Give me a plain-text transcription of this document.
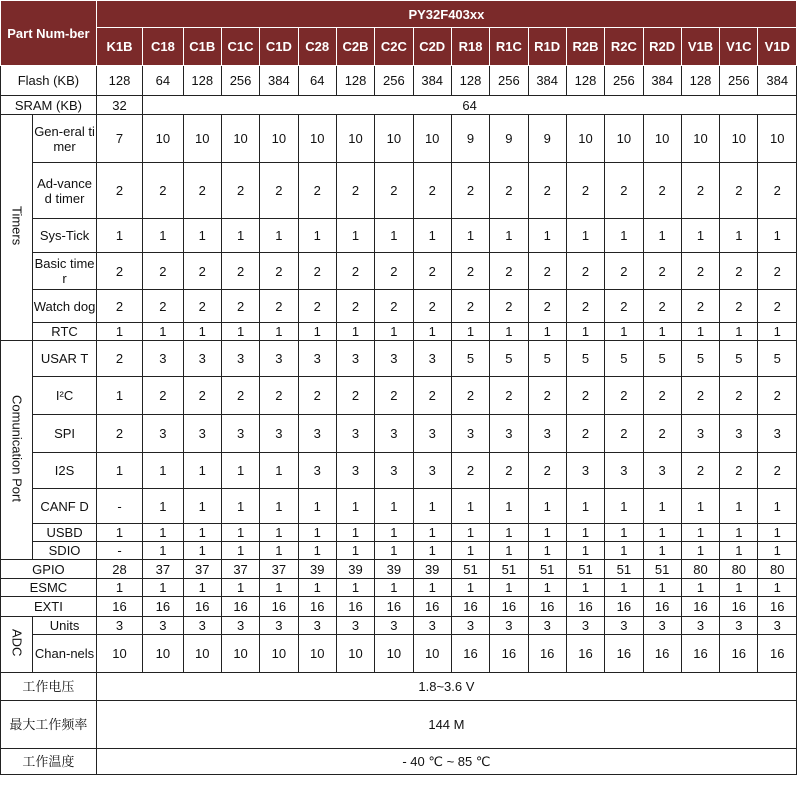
Part Num-ber		PY32F403xx																	
		K1B	C18	C1B	C1C	C1D	C28	C2B	C2C	C2D	R18	R1C	R1D	R2B	R2C	R2D	V1B	V1C	V1D
Flash (KB)		128	64	128	256	384	64	128	256	384	128	256	384	128	256	384	128	256	384
SRAM (KB)		32	64																
Timers	Gen-eral timer	7	10	10	10	10	10	10	10	10	9	9	9	10	10	10	10	10	10
	Ad-vance d timer	2	2	2	2	2	2	2	2	2	2	2	2	2	2	2	2	2	2
	Sys-Tick	1	1	1	1	1	1	1	1	1	1	1	1	1	1	1	1	1	1
	Basic timer	2	2	2	2	2	2	2	2	2	2	2	2	2	2	2	2	2	2
	Watch dog	2	2	2	2	2	2	2	2	2	2	2	2	2	2	2	2	2	2
	RTC	1	1	1	1	1	1	1	1	1	1	1	1	1	1	1	1	1	1
Comunication Port	USAR T	2	3	3	3	3	3	3	3	3	5	5	5	5	5	5	5	5	5
	I²C	1	2	2	2	2	2	2	2	2	2	2	2	2	2	2	2	2	2
	SPI	2	3	3	3	3	3	3	3	3	3	3	3	2	2	2	3	3	3
	I2S	1	1	1	1	1	3	3	3	3	2	2	2	3	3	3	2	2	2
	CANF D	-	1	1	1	1	1	1	1	1	1	1	1	1	1	1	1	1	1
	USBD	1	1	1	1	1	1	1	1	1	1	1	1	1	1	1	1	1	1
	SDIO	-	1	1	1	1	1	1	1	1	1	1	1	1	1	1	1	1	1
GPIO		28	37	37	37	37	39	39	39	39	51	51	51	51	51	51	80	80	80
ESMC		1	1	1	1	1	1	1	1	1	1	1	1	1	1	1	1	1	1
EXTI		16	16	16	16	16	16	16	16	16	16	16	16	16	16	16	16	16	16
ADC	Units	3	3	3	3	3	3	3	3	3	3	3	3	3	3	3	3	3	3
	Chan-nels	10	10	10	10	10	10	10	10	10	16	16	16	16	16	16	16	16	16
工作电压		1.8~3.6 V																	
最大工作频率		144 M																	
工作温度		- 40 ℃ ~ 85 ℃																	
